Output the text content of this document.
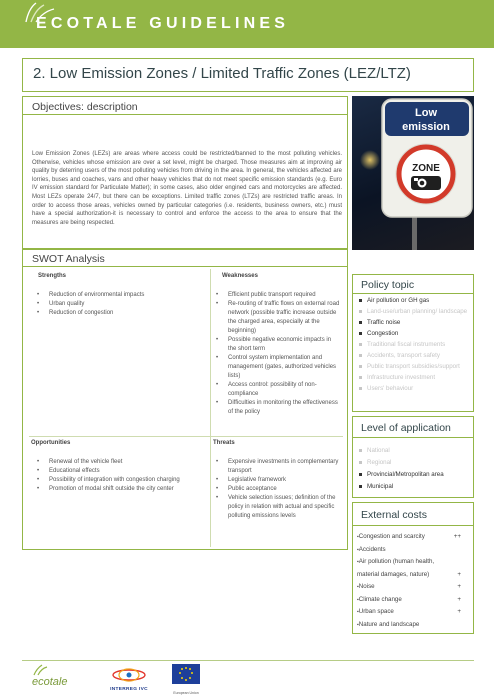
ECOTALE GUIDELINES
2. Low Emission Zones / Limited Traffic Zones (LEZ/LTZ)
Objectives: description
Low Emission Zones (LEZs) are areas where access could be restricted/banned to the most polluting vehicles. Otherwise, vehicles whose emission are over a set level, might be charged. Those measures aim at improving air quality by deterring users of the most polluting vehicles from driving in the area. In general, the vehicles affected are lorries, buses and coaches, vans and other heavy vehicles that do not meet specific emission standards (e.g. Euro IV emission standard for Particulate Matter); in some cases, also older engined cars and motorcycles are affected. Most LEZs operate 24/7, but there can be exceptions. Limited traffic zones (LTZs) are restricted traffic areas. In order to access those areas, vehicles owned by particular categories (i.e. residents, business owners, etc.) must have a special authorization-it is necessary to control and enforce the access to the area to ensure that the measures are being respected.
Low
emission
ZONE
SWOT Analysis
Strengths
• Reduction of environmental impacts
• Urban quality
• Reduction of congestion
Weaknesses
• Efficient public transport required
• Re-routing of traffic flows on external road network (possible traffic increase outside the charged area, especially at the beginning)
• Possible negative economic impacts in the short term
• Control system implementation and management (gates, authorized vehicles lists)
• Access control: possibility of non-compliance
• Difficulties in monitoring the effectiveness of the policy
Opportunities
• Renewal of the vehicle fleet
• Educational effects
• Possibility of integration with congestion charging
• Promotion of modal shift outside the city center
Threats
• Expensive investments in complementary transport
• Legislative framework
• Public acceptance
• Vehicle selection issues; definition of the policy in relation with actual and specific polluting emissions levels
Policy topic
Air pollution or GH gas
Land-use/urban planning/ landscape
Traffic noise
Congestion
Traditional fiscal instruments
Accidents, transport safety
Public transport subsidies/support
Infrastructure investment
Users' behaviour
Level of application
National
Regional
Provincial/Metropolitan area
Municipal
External costs
▪Congestion and scarcity	++
▪Accidents
▪Air pollution (human health, material damages, nature)	+
▪Noise	+
▪Climate change	+
▪Urban space	+
▪Nature and landscape
ecotale
INTERREG IVC
European Union
